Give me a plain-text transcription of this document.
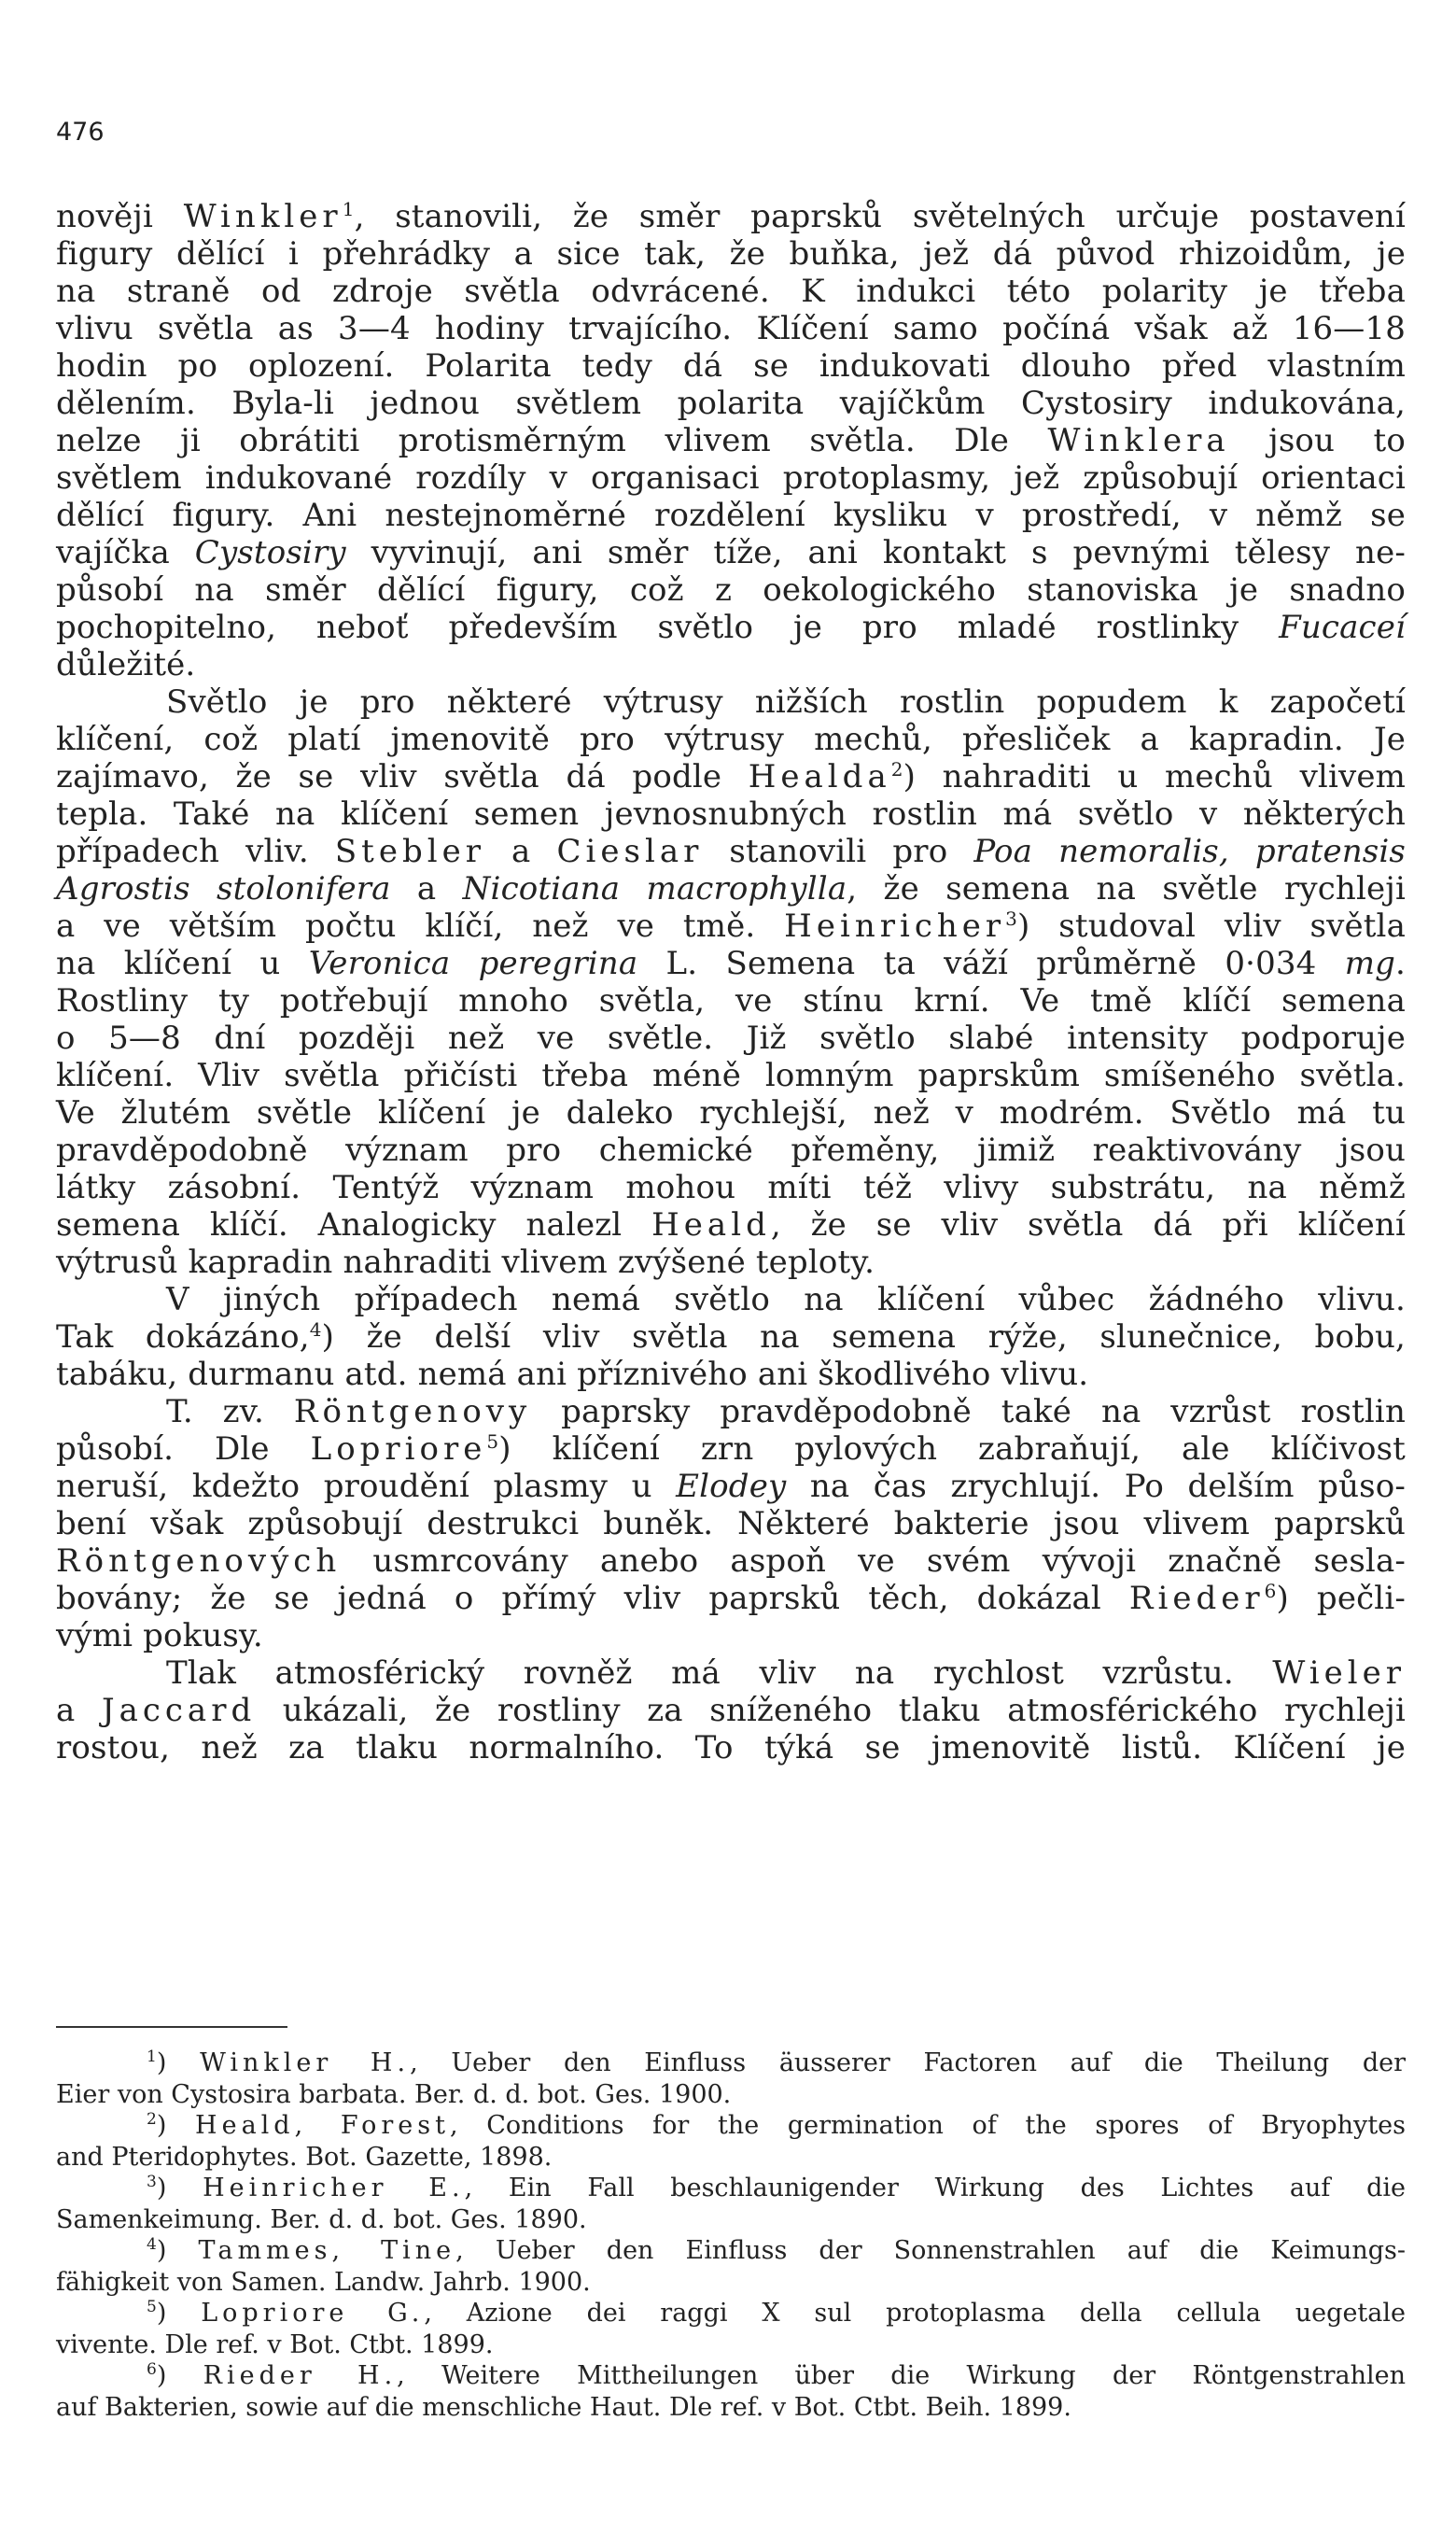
476
nověji Winkler$^1$, stanovili, že směr paprsků světelných určuje postavení
figury dělící i přehrádky a sice tak, že buňka, jež dá původ rhizoidům, je
na straně od zdroje světla odvrácené. K indukci této polarity je třeba
vlivu světla as 3—4 hodiny trvajícího. Klíčení samo počíná však až 16—18
hodin po oplození. Polarita tedy dá se indukovati dlouho před vlastním
dělením. Byla-li jednou světlem polarita vajíčkům Cystosiry indukována,
nelze ji obrátiti protisměrným vlivem světla. Dle Winklera jsou to
světlem indukované rozdíly v organisaci protoplasmy, jež způsobují orientaci
dělící figury. Ani nestejnoměrné rozdělení kysliku v prostředí, v němž se
vajíčka Cystosiry vyvinují, ani směr tíže, ani kontakt s pevnými tělesy ne-
působí na směr dělící figury, což z oekologického stanoviska je snadno
pochopitelno, neboť především světlo je pro mladé rostlinky Fucaceí
důležité.
Světlo je pro některé výtrusy nižších rostlin popudem k započetí
klíčení, což platí jmenovitě pro výtrusy mechů, přesliček a kapradin. Je
zajímavo, že se vliv světla dá podle Healda$^2$) nahraditi u mechů vlivem
tepla. Také na klíčení semen jevnosnubných rostlin má světlo v některých
případech vliv. Stebler a Cieslar stanovili pro Poa nemoralis, pratensis
Agrostis stolonifera a Nicotiana macrophylla, že semena na světle rychleji
a ve větším počtu klíčí, než ve tmě. Heinricher$^3$) studoval vliv světla
na klíčení u Veronica peregrina L. Semena ta váží průměrně 0·034 mg.
Rostliny ty potřebují mnoho světla, ve stínu krní. Ve tmě klíčí semena
o 5—8 dní později než ve světle. Již světlo slabé intensity podporuje
klíčení. Vliv světla přičísti třeba méně lomným paprskům smíšeného světla.
Ve žlutém světle klíčení je daleko rychlejší, než v modrém. Světlo má tu
pravděpodobně význam pro chemické přeměny, jimiž reaktivovány jsou
látky zásobní. Tentýž význam mohou míti též vlivy substrátu, na němž
semena klíčí. Analogicky nalezl Heald, že se vliv světla dá při klíčení
výtrusů kapradin nahraditi vlivem zvýšené teploty.
V jiných případech nemá světlo na klíčení vůbec žádného vlivu.
Tak dokázáno,$^4$) že delší vliv světla na semena rýže, slunečnice, bobu,
tabáku, durmanu atd. nemá ani příznivého ani škodlivého vlivu.
T. zv. Röntgenovy paprsky pravděpodobně také na vzrůst rostlin
působí. Dle Lopriore$^5$) klíčení zrn pylových zabraňují, ale klíčivost
neruší, kdežto proudění plasmy u Elodey na čas zrychlují. Po delším půso-
bení však způsobují destrukci buněk. Některé bakterie jsou vlivem paprsků
Röntgenových usmrcovány anebo aspoň ve svém vývoji značně sesla-
bovány; že se jedná o přímý vliv paprsků těch, dokázal Rieder$^6$) pečli-
vými pokusy.
Tlak atmosférický rovněž má vliv na rychlost vzrůstu. Wieler
a Jaccard ukázali, že rostliny za sníženého tlaku atmosférického rychleji
rostou, než za tlaku normalního. To týká se jmenovitě listů. Klíčení je
$^1$) Winkler H., Ueber den Einfluss äusserer Factoren auf die Theilung der
Eier von Cystosira barbata. Ber. d. d. bot. Ges. 1900.
$^2$) Heald, Forest, Conditions for the germination of the spores of Bryophytes
and Pteridophytes. Bot. Gazette, 1898.
$^3$) Heinricher E., Ein Fall beschlaunigender Wirkung des Lichtes auf die
Samenkeimung. Ber. d. d. bot. Ges. 1890.
$^4$) Tammes, Tine, Ueber den Einfluss der Sonnenstrahlen auf die Keimungs-
fähigkeit von Samen. Landw. Jahrb. 1900.
$^5$) Lopriore G., Azione dei raggi X sul protoplasma della cellula uegetale
vivente. Dle ref. v Bot. Ctbt. 1899.
$^6$) Rieder H., Weitere Mittheilungen über die Wirkung der Röntgenstrahlen
auf Bakterien, sowie auf die menschliche Haut. Dle ref. v Bot. Ctbt. Beih. 1899.
